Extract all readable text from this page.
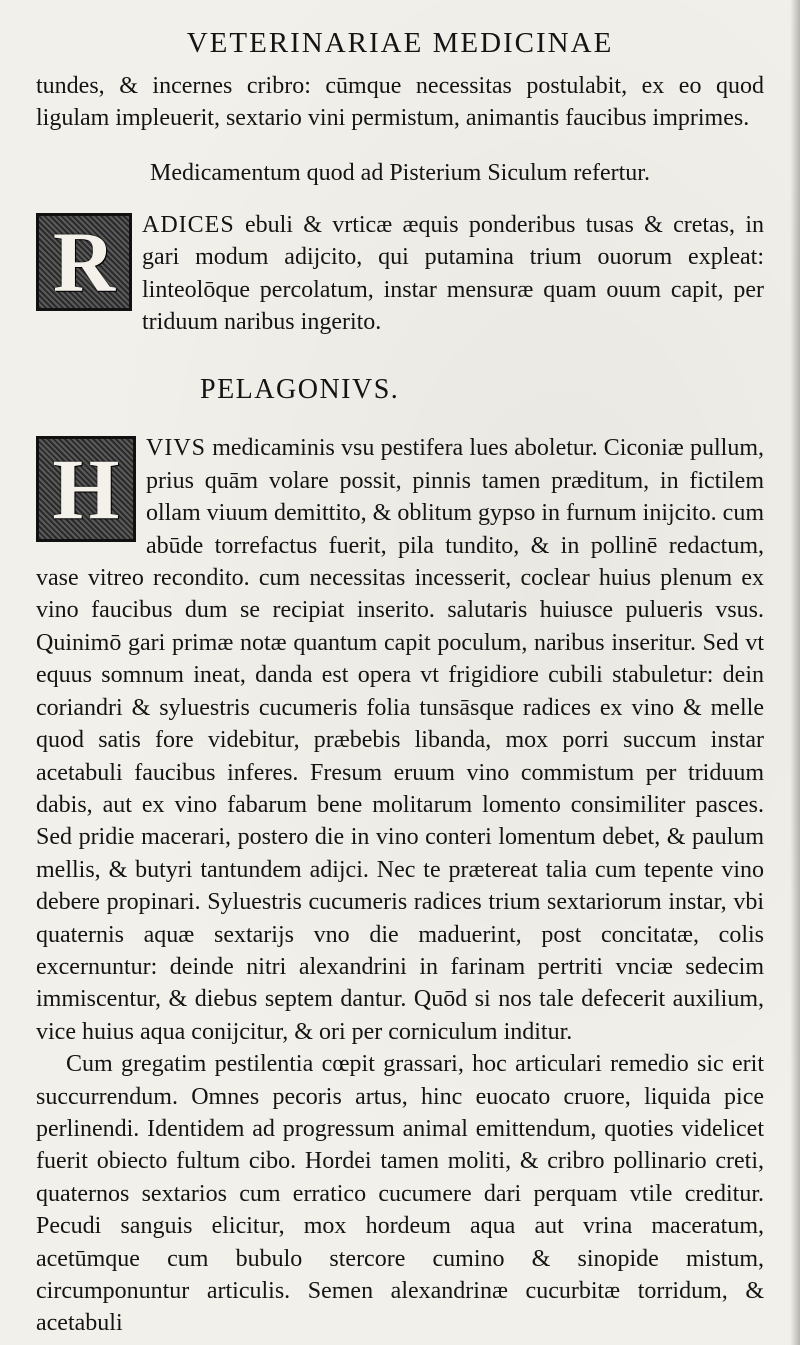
VETERINARIAE MEDICINAE

tundes, & incernes cribro: cūmque necessitas postulabit, ex eo quod ligulam impleuerit, sextario vini permistum, animantis faucibus imprimes.

Medicamentum quod ad Pisterium Siculum refertur.

R	ADICES ebuli & vrticæ æquis ponderibus tusas & cretas, in gari modum adijcito, qui putamina trium ouorum expleat: linteolōque percolatum, instar mensuræ quam ouum capit, per triduum naribus ingerito.

PELAGONIVS.

H	VIVS medicaminis vsu pestifera lues aboletur. Ciconiæ pullum, prius quām volare possit, pinnis tamen præditum, in fictilem ollam viuum demittito, & oblitum gypso in furnum inijcito. cum abūde torrefactus fuerit, pila tundito, & in pollinē redactum, vase vitreo recondito. cum necessitas incesserit, coclear huius plenum ex vino faucibus dum se recipiat inserito. salutaris huiusce pulueris vsus. Quinimō gari primæ notæ quantum capit poculum, naribus inseritur. Sed vt equus somnum ineat, danda est opera vt frigidiore cubili stabuletur: dein coriandri & syluestris cucumeris folia tunsāsque radices ex vino & melle quod satis fore videbitur, præbebis libanda, mox porri succum instar acetabuli faucibus inferes. Fresum eruum vino commistum per triduum dabis, aut ex vino fabarum bene molitarum lomento consimiliter pasces. Sed pridie macerari, postero die in vino conteri lomentum debet, & paulum mellis, & butyri tantundem adijci. Nec te prætereat talia cum tepente vino debere propinari. Syluestris cucumeris radices trium sextariorum instar, vbi quaternis aquæ sextarijs vno die maduerint, post concitatæ, colis excernuntur: deinde nitri alexandrini in farinam pertriti vnciæ sedecim immiscentur, & diebus septem dantur. Quōd si nos tale defecerit auxilium, vice huius aqua conijcitur, & ori per corniculum inditur.

Cum gregatim pestilentia cœpit grassari, hoc articulari remedio sic erit succurrendum. Omnes pecoris artus, hinc euocato cruore, liquida pice perlinendi. Identidem ad progressum animal emittendum, quoties videlicet fuerit obiecto fultum cibo. Hordei tamen moliti, & cribro pollinario creti, quaternos sextarios cum erratico cucumere dari perquam vtile creditur. Pecudi sanguis elicitur, mox hordeum aqua aut vrina maceratum, acetūmque cum bubulo stercore cumino & sinopide mistum, circumponuntur articulis. Semen alexandrinæ cucurbitæ torridum, & acetabuli
